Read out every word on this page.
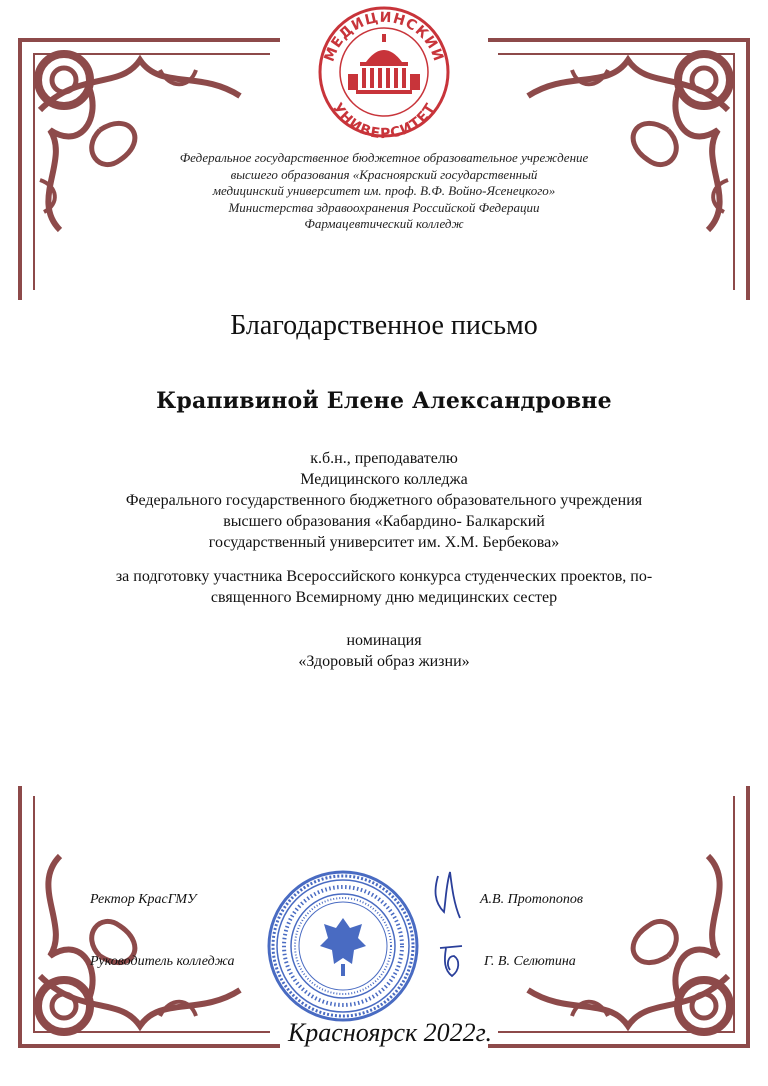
МЕДИЦИНСКИЙ
УНИВЕРСИТЕТ
Федеральное государственное бюджетное образовательное учреждение
высшего образования «Красноярский государственный
медицинский университет им. проф. В.Ф. Войно-Ясенецкого»
Министерства здравоохранения Российской Федерации
Фармацевтический колледж
Благодарственное письмо
Крапивиной Елене Александровне
к.б.н., преподавателю
Медицинского колледжа
Федерального государственного бюджетного образовательного учреждения
высшего образования «Кабардино- Балкарский
государственный университет им. Х.М. Бербекова»
за подготовку участника Всероссийского конкурса студенческих проектов, по-
священного Всемирному дню медицинских сестер
номинация
«Здоровый образ жизни»
Ректор КрасГМУ	А.В. Протопопов
Руководитель колледжа	Г. В. Селютина
Красноярск 2022г.
